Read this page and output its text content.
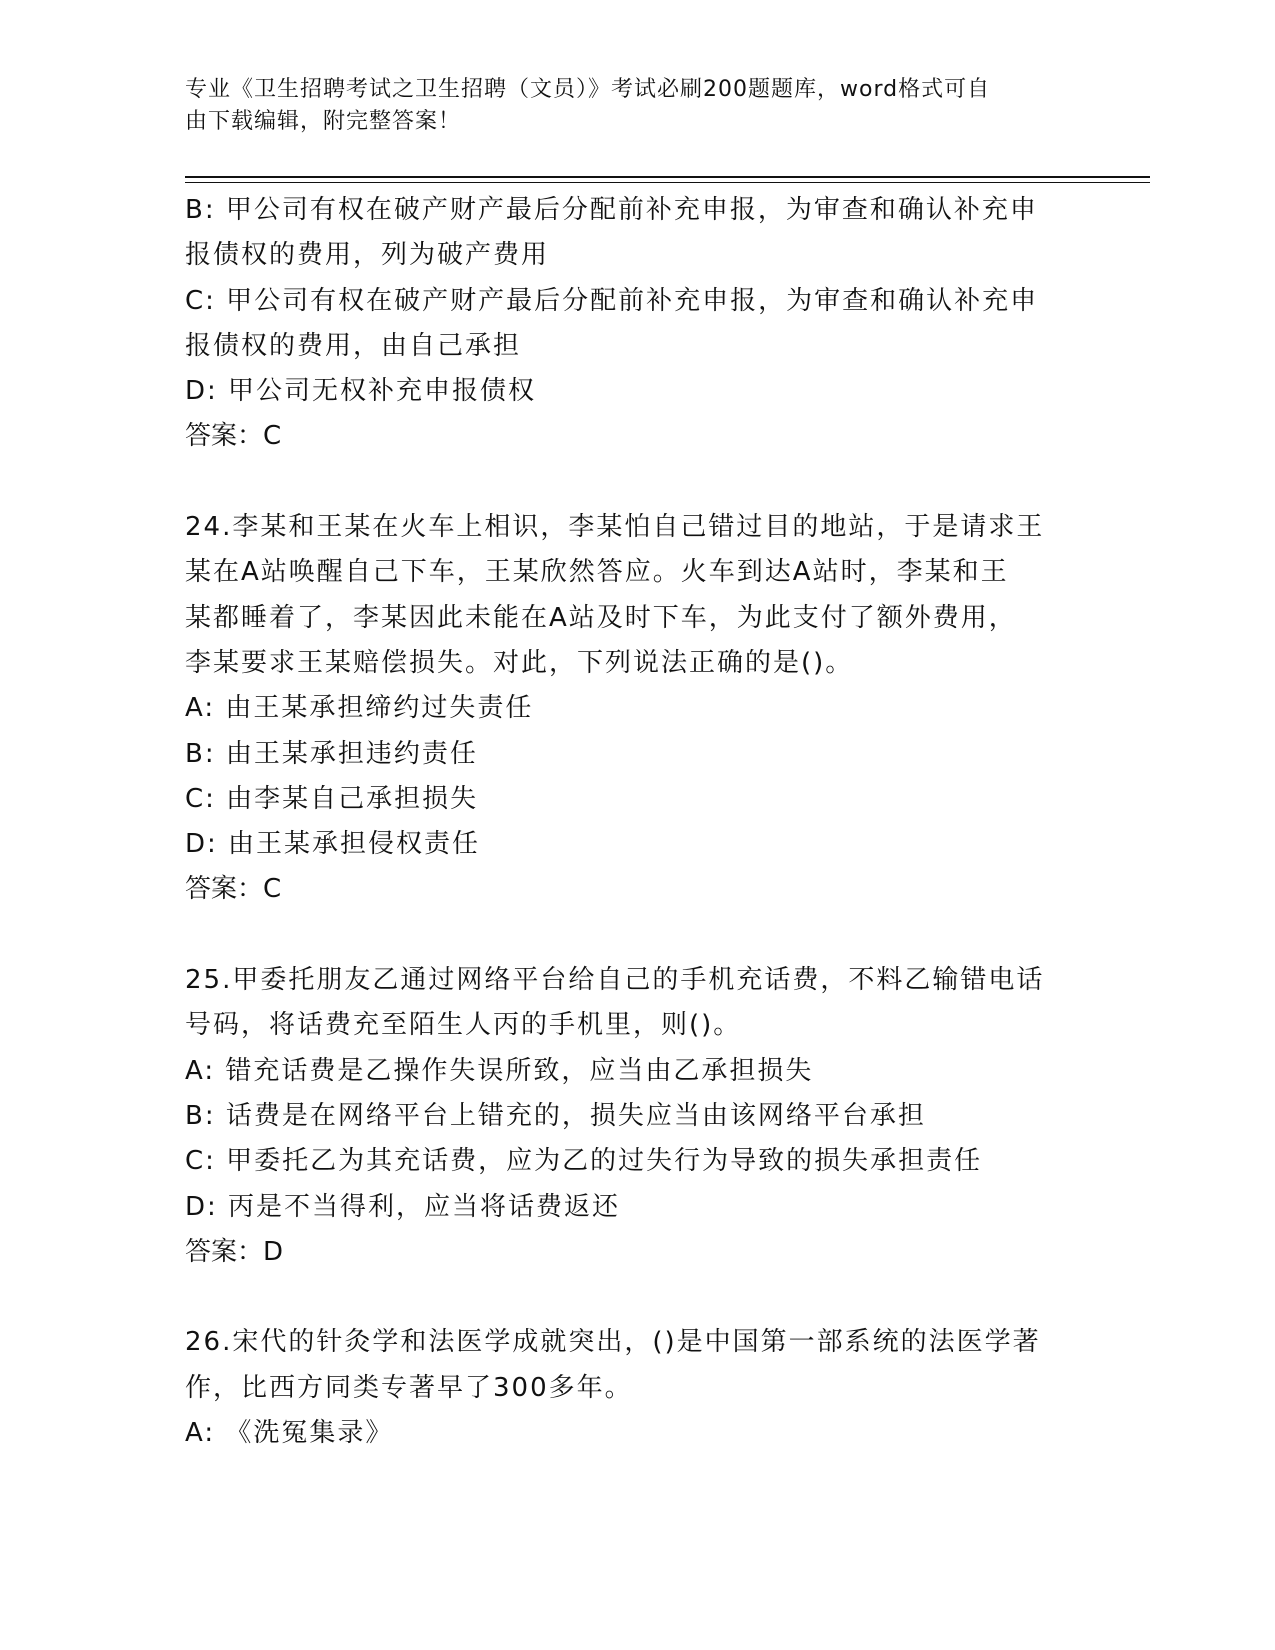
专业《卫生招聘考试之卫生招聘（文员）》考试必刷200题题库，word格式可自
由下载编辑，附完整答案！
B: 甲公司有权在破产财产最后分配前补充申报，为审查和确认补充申
报债权的费用，列为破产费用
C: 甲公司有权在破产财产最后分配前补充申报，为审查和确认补充申
报债权的费用，由自己承担
D: 甲公司无权补充申报债权
答案：C
24.李某和王某在火车上相识，李某怕自己错过目的地站，于是请求王
某在A站唤醒自己下车，王某欣然答应。火车到达A站时，李某和王
某都睡着了，李某因此未能在A站及时下车，为此支付了额外费用，
李某要求王某赔偿损失。对此，下列说法正确的是()。
A: 由王某承担缔约过失责任
B: 由王某承担违约责任
C: 由李某自己承担损失
D: 由王某承担侵权责任
答案：C
25.甲委托朋友乙通过网络平台给自己的手机充话费，不料乙输错电话
号码，将话费充至陌生人丙的手机里，则()。
A: 错充话费是乙操作失误所致，应当由乙承担损失
B: 话费是在网络平台上错充的，损失应当由该网络平台承担
C: 甲委托乙为其充话费，应为乙的过失行为导致的损失承担责任
D: 丙是不当得利，应当将话费返还
答案：D
26.宋代的针灸学和法医学成就突出，()是中国第一部系统的法医学著
作，比西方同类专著早了300多年。
A: 《洗冤集录》
